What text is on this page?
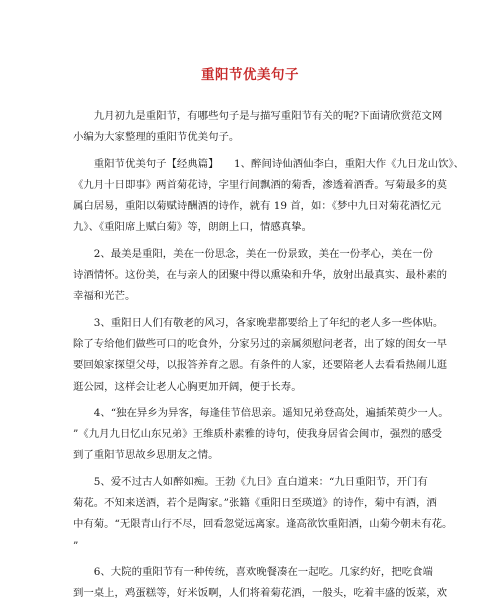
重阳节优美句子

　　九月初九是重阳节，有哪些句子是与描写重阳节有关的呢?下面请欣赏范文网
小编为大家整理的重阳节优美句子。

　　重阳节优美句子【经典篇】　　1、醉间诗仙酒仙李白，重阳大作《九日龙山饮》、
《九月十日即事》两首菊花诗，字里行间飘酒的菊香，渗透着酒香。写菊最多的莫
属白居易，重阳以菊赋诗酬酒的诗作，就有 19 首，如：《梦中九日对菊花酒忆元
九》、《重阳席上赋白菊》等，朗朗上口，情感真挚。

　　2、最美是重阳，美在一份思念，美在一份景致，美在一份孝心，美在一份
诗酒情怀。这份美，在与亲人的团聚中得以熏染和升华，放射出最真实、最朴素的
幸福和光芒。

　　3、重阳日人们有敬老的风习，各家晚辈都要给上了年纪的老人多一些体贴。
除了专给他们做些可口的吃食外，分家另过的亲属须慰问老者，出了嫁的闺女一早
要回娘家探望父母，以报答养育之恩。有条件的人家，还要陪老人去看看热闹儿逛
逛公园，这样会让老人心胸更加开阔，便于长寿。

　　4、“独在异乡为异客，每逢佳节倍思亲。遥知兄弟登高处，遍插茱萸少一人。
”《九月九日忆山东兄弟》王维质朴素雅的诗句，使我身居省会闽市，强烈的感受
到了重阳节思故乡思朋友之情。

　　5、爱不过古人如醉如痴。王勃《九日》直白道来：“九日重阳节，开门有
菊花。不知来送酒，若个是陶家。”张籍《重阳日至瑛道》的诗作，菊中有酒，酒
中有菊。“无限青山行不尽，回看忽觉远离家。逢高欲饮重阳酒，山菊今朝未有花。
”

　　6、大院的重阳节有一种传统，喜欢晚餐凑在一起吃。几家约好，把吃食端
到一桌上，鸡蛋糕等，好米饭啊，人们将着菊花酒，一般头，吃着丰盛的饭菜，欢
